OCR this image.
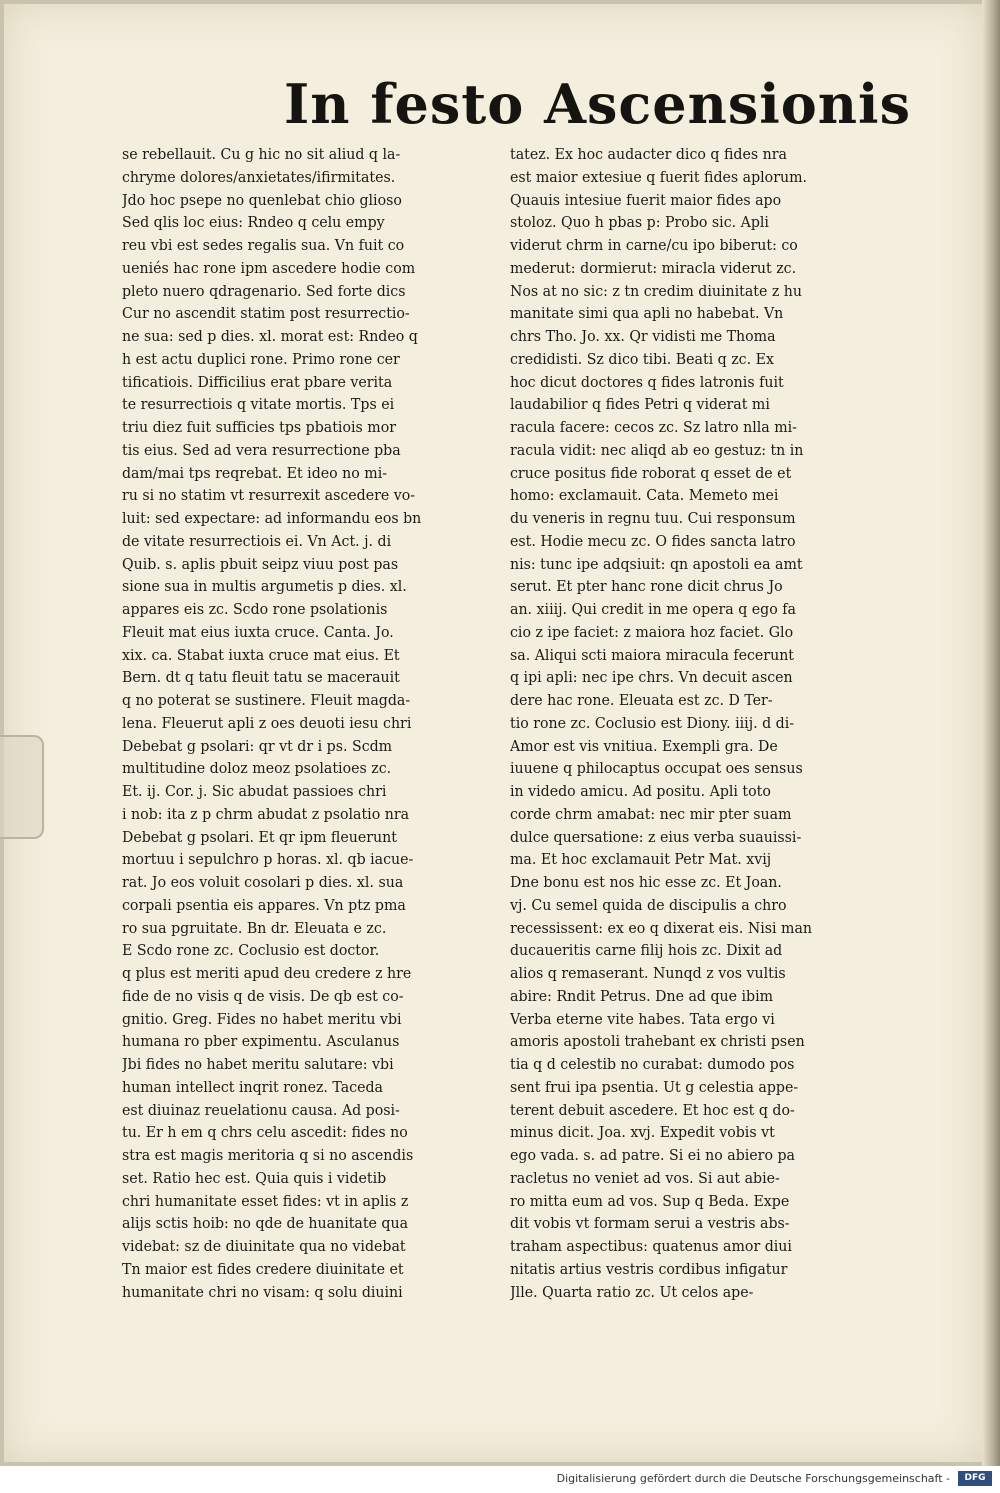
In festo Ascensionis
se rebellauit. Cu g hic no sit aliud q la-
chryme dolores/anxietates/ifirmitates.
Jdo hoc psepe no quenlebat chio glioso
Sed qlis loc eius: Rndeo q celu empy
reu vbi est sedes regalis sua. Vn fuit co
ueniés hac rone ipm ascedere hodie com
pleto nuero qdragenario. Sed forte dics
Cur no ascendit statim post resurrectio-
ne sua: sed p dies. xl. morat est: Rndeo q
h est actu duplici rone. Primo rone cer
tificatiois. Difficilius erat pbare verita
te resurrectiois q vitate mortis. Tps ei
triu diez fuit sufficies tps pbatiois mor
tis eius. Sed ad vera resurrectione pba
dam/mai tps reqrebat. Et ideo no mi-
ru si no statim vt resurrexit ascedere vo-
luit: sed expectare: ad informandu eos bn
de vitate resurrectiois ei. Vn Act. j. di
Quib. s. aplis pbuit seipz viuu post pas
sione sua in multis argumetis p dies. xl.
appares eis zc. Scdo rone psolationis
Fleuit mat eius iuxta cruce. Canta. Jo.
xix. ca. Stabat iuxta cruce mat eius. Et
Bern. dt q tatu fleuit tatu se macerauit
q no poterat se sustinere. Fleuit magda-
lena. Fleuerut apli z oes deuoti iesu chri
Debebat g psolari: qr vt dr i ps. Scdm
multitudine doloz meoz psolatioes zc.
Et. ij. Cor. j. Sic abudat passioes chri
i nob: ita z p chrm abudat z psolatio nra
Debebat g psolari. Et qr ipm fleuerunt
mortuu i sepulchro p horas. xl. qb iacue-
rat. Jo eos voluit cosolari p dies. xl. sua
corpali psentia eis appares. Vn ptz pma
ro sua pgruitate. Bn dr. Eleuata e zc.
E Scdo rone zc. Coclusio est doctor.
q plus est meriti apud deu credere z hre
fide de no visis q de visis. De qb est co-
gnitio. Greg. Fides no habet meritu vbi
humana ro pber expimentu. Asculanus
Jbi fides no habet meritu salutare: vbi
human intellect inqrit ronez. Taceda
est diuinaz reuelationu causa. Ad posi-
tu. Er h em q chrs celu ascedit: fides no
stra est magis meritoria q si no ascendis
set. Ratio hec est. Quia quis i videtib
chri humanitate esset fides: vt in aplis z
alijs sctis hoib: no qde de huanitate qua
videbat: sz de diuinitate qua no videbat
Tn maior est fides credere diuinitate et
humanitate chri no visam: q solu diuini
tatez. Ex hoc audacter dico q fides nra
est maior extesiue q fuerit fides aplorum.
Quauis intesiue fuerit maior fides apo
stoloz. Quo h pbas p: Probo sic. Apli
viderut chrm in carne/cu ipo biberut: co
mederut: dormierut: miracla viderut zc.
Nos at no sic: z tn credim diuinitate z hu
manitate simi qua apli no habebat. Vn
chrs Tho. Jo. xx. Qr vidisti me Thoma
credidisti. Sz dico tibi. Beati q zc. Ex
hoc dicut doctores q fides latronis fuit
laudabilior q fides Petri q viderat mi
racula facere: cecos zc. Sz latro nlla mi-
racula vidit: nec aliqd ab eo gestuz: tn in
cruce positus fide roborat q esset de et
homo: exclamauit. Cata. Memeto mei
du veneris in regnu tuu. Cui responsum
est. Hodie mecu zc. O fides sancta latro
nis: tunc ipe adqsiuit: qn apostoli ea amt
serut. Et pter hanc rone dicit chrus Jo
an. xiiij. Qui credit in me opera q ego fa
cio z ipe faciet: z maiora hoz faciet. Glo
sa. Aliqui scti maiora miracula fecerunt
q ipi apli: nec ipe chrs. Vn decuit ascen
dere hac rone. Eleuata est zc. D Ter-
tio rone zc. Coclusio est Diony. iiij. d di-
Amor est vis vnitiua. Exempli gra. De
iuuene q philocaptus occupat oes sensus
in videdo amicu. Ad positu. Apli toto
corde chrm amabat: nec mir pter suam
dulce quersatione: z eius verba suauissi-
ma. Et hoc exclamauit Petr Mat. xvij
Dne bonu est nos hic esse zc. Et Joan.
vj. Cu semel quida de discipulis a chro
recessissent: ex eo q dixerat eis. Nisi man
ducaueritis carne filij hois zc. Dixit ad
alios q remaserant. Nunqd z vos vultis
abire: Rndit Petrus. Dne ad que ibim
Verba eterne vite habes. Tata ergo vi
amoris apostoli trahebant ex christi psen
tia q d celestib no curabat: dumodo pos
sent frui ipa psentia. Ut g celestia appe-
terent debuit ascedere. Et hoc est q do-
minus dicit. Joa. xvj. Expedit vobis vt
ego vada. s. ad patre. Si ei no abiero pa
racletus no veniet ad vos. Si aut abie-
ro mitta eum ad vos. Sup q Beda. Expe
dit vobis vt formam serui a vestris abs-
traham aspectibus: quatenus amor diui
nitatis artius vestris cordibus infigatur
Jlle. Quarta ratio zc. Ut celos ape-
Digitalisierung gefördert durch die Deutsche Forschungsgemeinschaft -	DFG
